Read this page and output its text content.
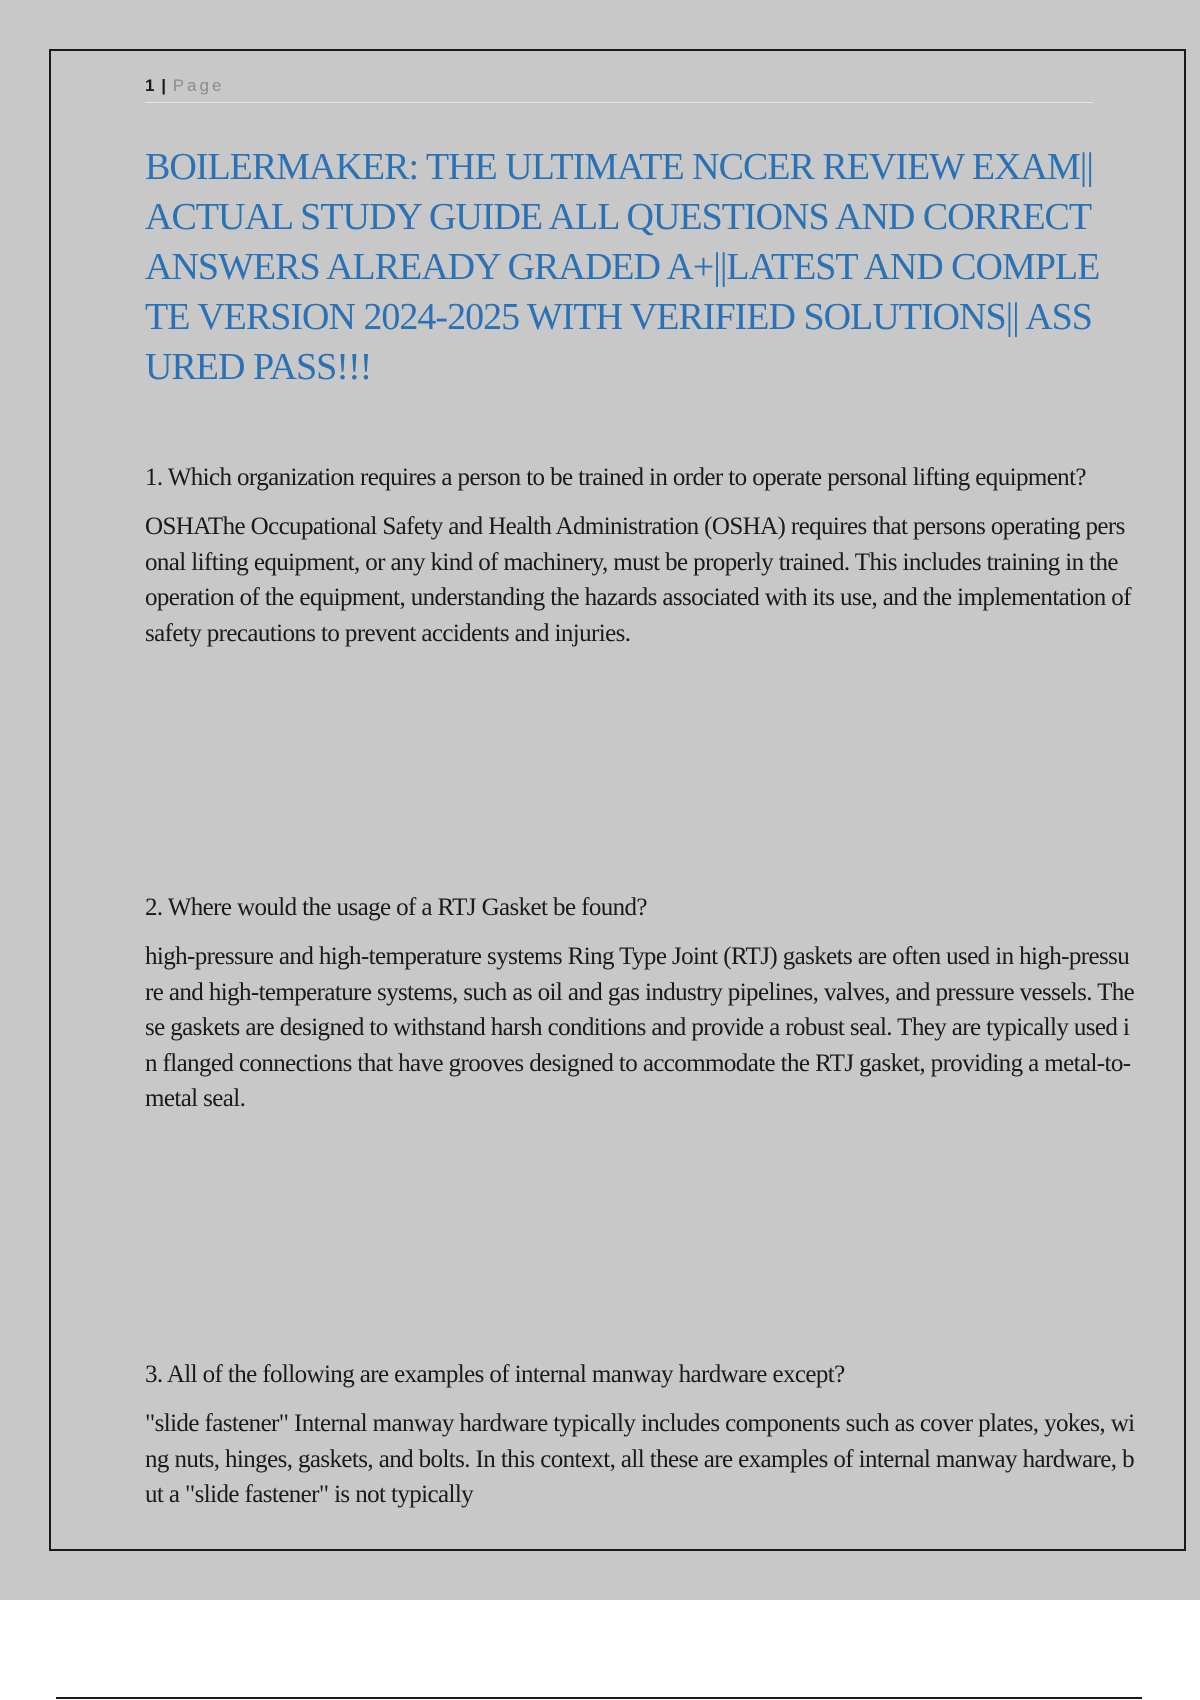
1 | Page
BOILERMAKER: THE ULTIMATE NCCER REVIEW EXAM|| ACTUAL STUDY GUIDE ALL QUESTIONS AND CORRECT ANSWERS ALREADY GRADED A+||LATEST AND COMPLETE VERSION 2024-2025 WITH VERIFIED SOLUTIONS|| ASSURED PASS!!!

1. Which organization requires a person to be trained in order to operate personal lifting equipment?

OSHAThe Occupational Safety and Health Administration (OSHA) requires that persons operating personal lifting equipment, or any kind of machinery, must be properly trained. This includes training in the operation of the equipment, understanding the hazards associated with its use, and the implementation of safety precautions to prevent accidents and injuries.

2. Where would the usage of a RTJ Gasket be found?

high-pressure and high-temperature systems Ring Type Joint (RTJ) gaskets are often used in high-pressure and high-temperature systems, such as oil and gas industry pipelines, valves, and pressure vessels. These gaskets are designed to withstand harsh conditions and provide a robust seal. They are typically used in flanged connections that have grooves designed to accommodate the RTJ gasket, providing a metal-to-metal seal.

3. All of the following are examples of internal manway hardware except?

"slide fastener" Internal manway hardware typically includes components such as cover plates, yokes, wing nuts, hinges, gaskets, and bolts. In this context, all these are examples of internal manway hardware, but a "slide fastener" is not typically
